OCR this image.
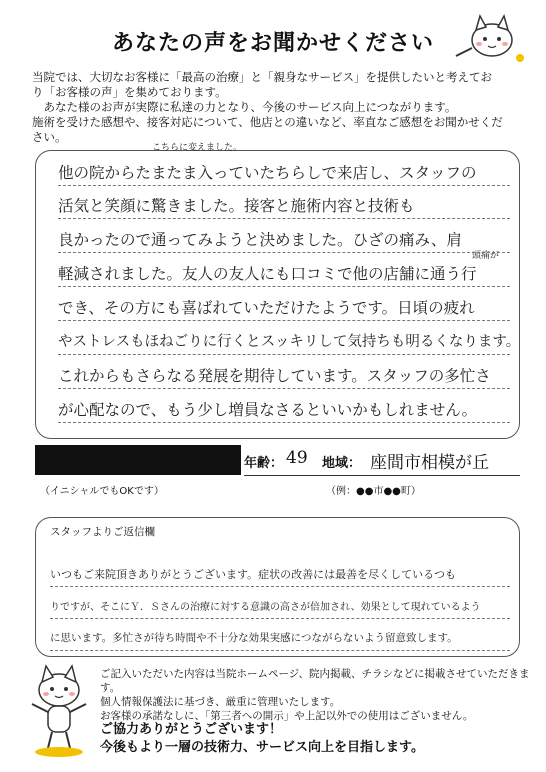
あなたの声をお聞かせください
当院では、大切なお客様に「最高の治療」と「親身なサービス」を提供したいと考えてお
り「お客様の声」を集めております。
　あなた様のお声が実際に私達の力となり、今後のサービス向上につながります。
施術を受けた感想や、接客対応について、他店との違いなど、率直なご感想をお聞かせくだ
さい。
こちらに変えました。
頭痛が
他の院からたまたま入っていたちらしで来店し、スタッフの
活気と笑顔に驚きました。接客と施術内容と技術も
良かったので通ってみようと決めました。ひざの痛み、肩
軽減されました。友人の友人にも口コミで他の店舗に通う行
でき、その方にも喜ばれていただけたようです。日頃の疲れ
やストレスもほねごりに行くとスッキリして気持ちも明るくなります。
これからもさらなる発展を期待しています。スタッフの多忙さ
が心配なので、もう少し増員なさるといいかもしれません。
年齢： 49 地域： 座間市相模が丘
（イニシャルでもOKです）	（例：●●市●●町）
スタッフよりご返信欄
いつもご来院頂きありがとうございます。症状の改善には最善を尽くしているつも
りですが、そこにＹ．Ｓさんの治療に対する意識の高さが倍加され、効果として現れているよう
に思います。多忙さが待ち時間や不十分な効果実感につながらないよう留意致します。
ご記入いただいた内容は当院ホームページ、院内掲載、チラシなどに掲載させていただきます。
個人情報保護法に基づき、厳重に管理いたします。
お客様の承諾なしに、「第三者への開示」や上記以外での使用はございません。
ご協力ありがとうございます！
今後もより一層の技術力、サービス向上を目指します。
